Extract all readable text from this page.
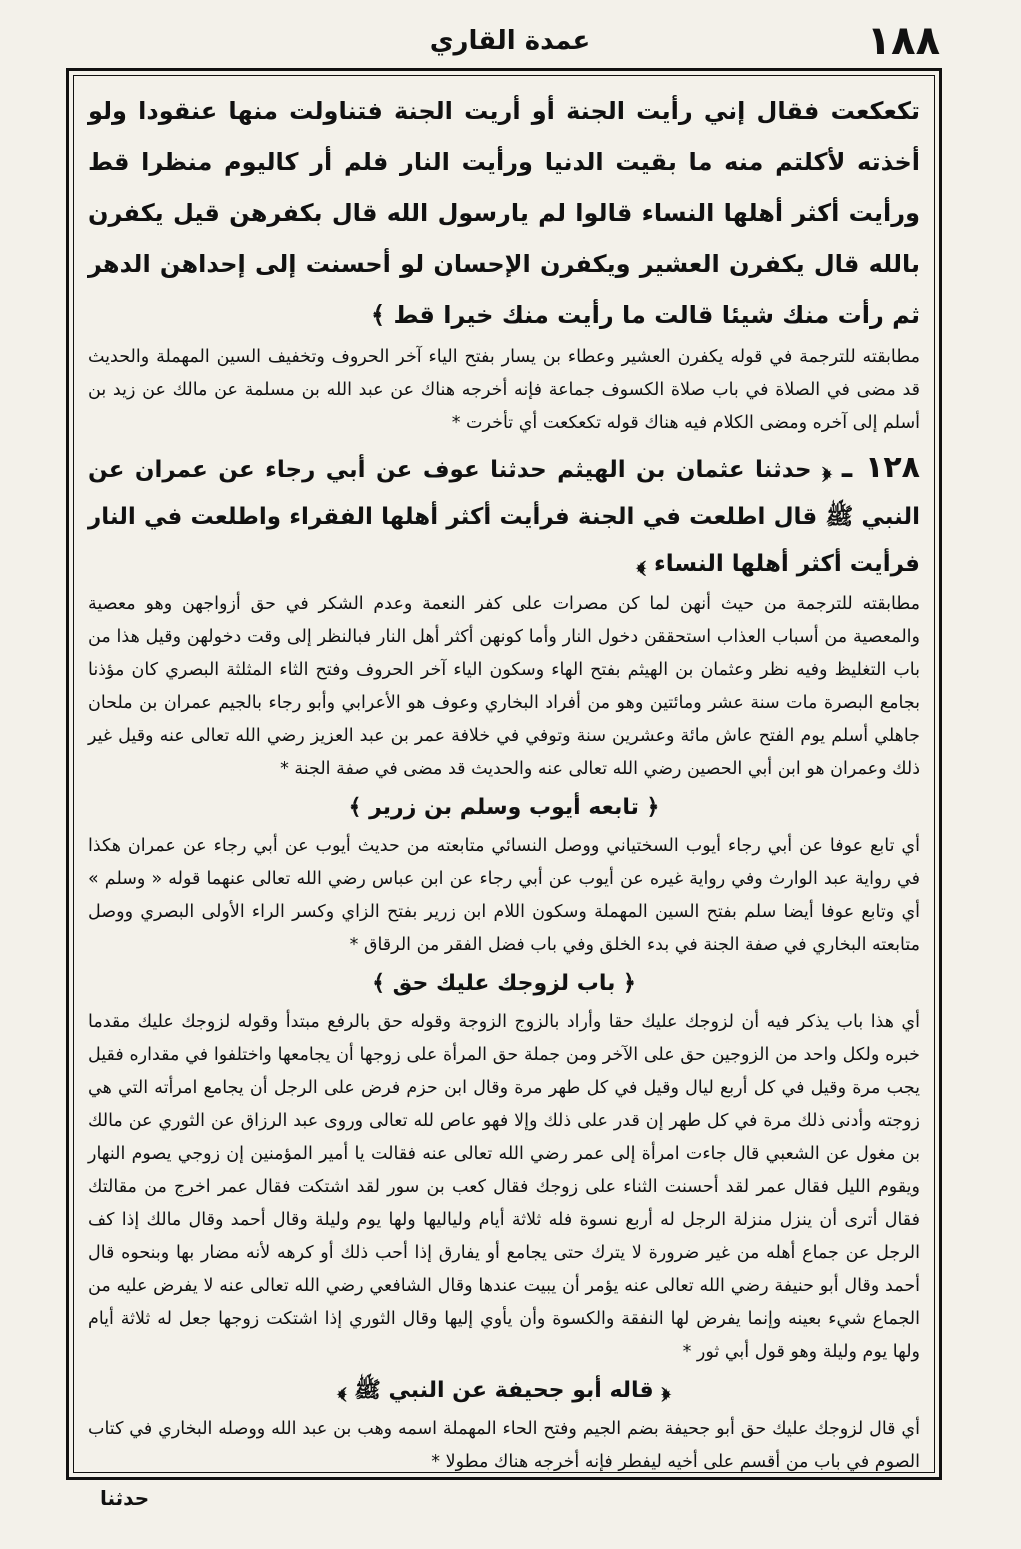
١٨٨
عمدة القاري

تكعكعت فقال إني رأيت الجنة أو أريت الجنة فتناولت منها عنقودا ولو أخذته لأكلتم منه ما بقيت الدنيا ورأيت النار فلم أر كاليوم منظرا قط ورأيت أكثر أهلها النساء قالوا لم يارسول الله قال بكفرهن قيل يكفرن بالله قال يكفرن العشير ويكفرن الإحسان لو أحسنت إلى إحداهن الدهر ثم رأت منك شيئا قالت ما رأيت منك خيرا قط ﴾

مطابقته للترجمة في قوله يكفرن العشير وعطاء بن يسار بفتح الياء آخر الحروف وتخفيف السين المهملة والحديث قد مضى في الصلاة في باب صلاة الكسوف جماعة فإنه أخرجه هناك عن عبد الله بن مسلمة عن مالك عن زيد بن أسلم إلى آخره ومضى الكلام فيه هناك قوله تكعكعت أي تأخرت *

١٢٨ ـ ﴿ حدثنا عثمان بن الهيثم حدثنا عوف عن أبي رجاء عن عمران عن النبي ﷺ قال اطلعت في الجنة فرأيت أكثر أهلها الفقراء واطلعت في النار فرأيت أكثر أهلها النساء ﴾

مطابقته للترجمة من حيث أنهن لما كن مصرات على كفر النعمة وعدم الشكر في حق أزواجهن وهو معصية والمعصية من أسباب العذاب استحققن دخول النار وأما كونهن أكثر أهل النار فبالنظر إلى وقت دخولهن وقيل هذا من باب التغليظ وفيه نظر وعثمان بن الهيثم بفتح الهاء وسكون الياء آخر الحروف وفتح الثاء المثلثة البصري كان مؤذنا بجامع البصرة مات سنة عشر ومائتين وهو من أفراد البخاري وعوف هو الأعرابي وأبو رجاء بالجيم عمران بن ملحان جاهلي أسلم يوم الفتح عاش مائة وعشرين سنة وتوفي في خلافة عمر بن عبد العزيز رضي الله تعالى عنه وقيل غير ذلك وعمران هو ابن أبي الحصين رضي الله تعالى عنه والحديث قد مضى في صفة الجنة *

﴿ تابعه أيوب وسلم بن زرير ﴾

أي تابع عوفا عن أبي رجاء أيوب السختياني ووصل النسائي متابعته من حديث أيوب عن أبي رجاء عن عمران هكذا في رواية عبد الوارث وفي رواية غيره عن أيوب عن أبي رجاء عن ابن عباس رضي الله تعالى عنهما قوله « وسلم » أي وتابع عوفا أيضا سلم بفتح السين المهملة وسكون اللام ابن زرير بفتح الزاي وكسر الراء الأولى البصري ووصل متابعته البخاري في صفة الجنة في بدء الخلق وفي باب فضل الفقر من الرقاق *

﴿ باب لزوجك عليك حق ﴾

أي هذا باب يذكر فيه أن لزوجك عليك حقا وأراد بالزوج الزوجة وقوله حق بالرفع مبتدأ وقوله لزوجك عليك مقدما خبره ولكل واحد من الزوجين حق على الآخر ومن جملة حق المرأة على زوجها أن يجامعها واختلفوا في مقداره فقيل يجب مرة وقيل في كل أربع ليال وقيل في كل طهر مرة وقال ابن حزم فرض على الرجل أن يجامع امرأته التي هي زوجته وأدنى ذلك مرة في كل طهر إن قدر على ذلك وإلا فهو عاص لله تعالى وروى عبد الرزاق عن الثوري عن مالك بن مغول عن الشعبي قال جاءت امرأة إلى عمر رضي الله تعالى عنه فقالت يا أمير المؤمنين إن زوجي يصوم النهار ويقوم الليل فقال عمر لقد أحسنت الثناء على زوجك فقال كعب بن سور لقد اشتكت فقال عمر اخرج من مقالتك فقال أترى أن ينزل منزلة الرجل له أربع نسوة فله ثلاثة أيام ولياليها ولها يوم وليلة وقال أحمد وقال مالك إذا كف الرجل عن جماع أهله من غير ضرورة لا يترك حتى يجامع أو يفارق إذا أحب ذلك أو كرهه لأنه مضار بها وبنحوه قال أحمد وقال أبو حنيفة رضي الله تعالى عنه يؤمر أن يبيت عندها وقال الشافعي رضي الله تعالى عنه لا يفرض عليه من الجماع شيء بعينه وإنما يفرض لها النفقة والكسوة وأن يأوي إليها وقال الثوري إذا اشتكت زوجها جعل له ثلاثة أيام ولها يوم وليلة وهو قول أبي ثور *

﴿ قاله أبو جحيفة عن النبي ﷺ ﴾

أي قال لزوجك عليك حق أبو جحيفة بضم الجيم وفتح الحاء المهملة اسمه وهب بن عبد الله ووصله البخاري في كتاب الصوم في باب من أقسم على أخيه ليفطر فإنه أخرجه هناك مطولا *

حدثنا
